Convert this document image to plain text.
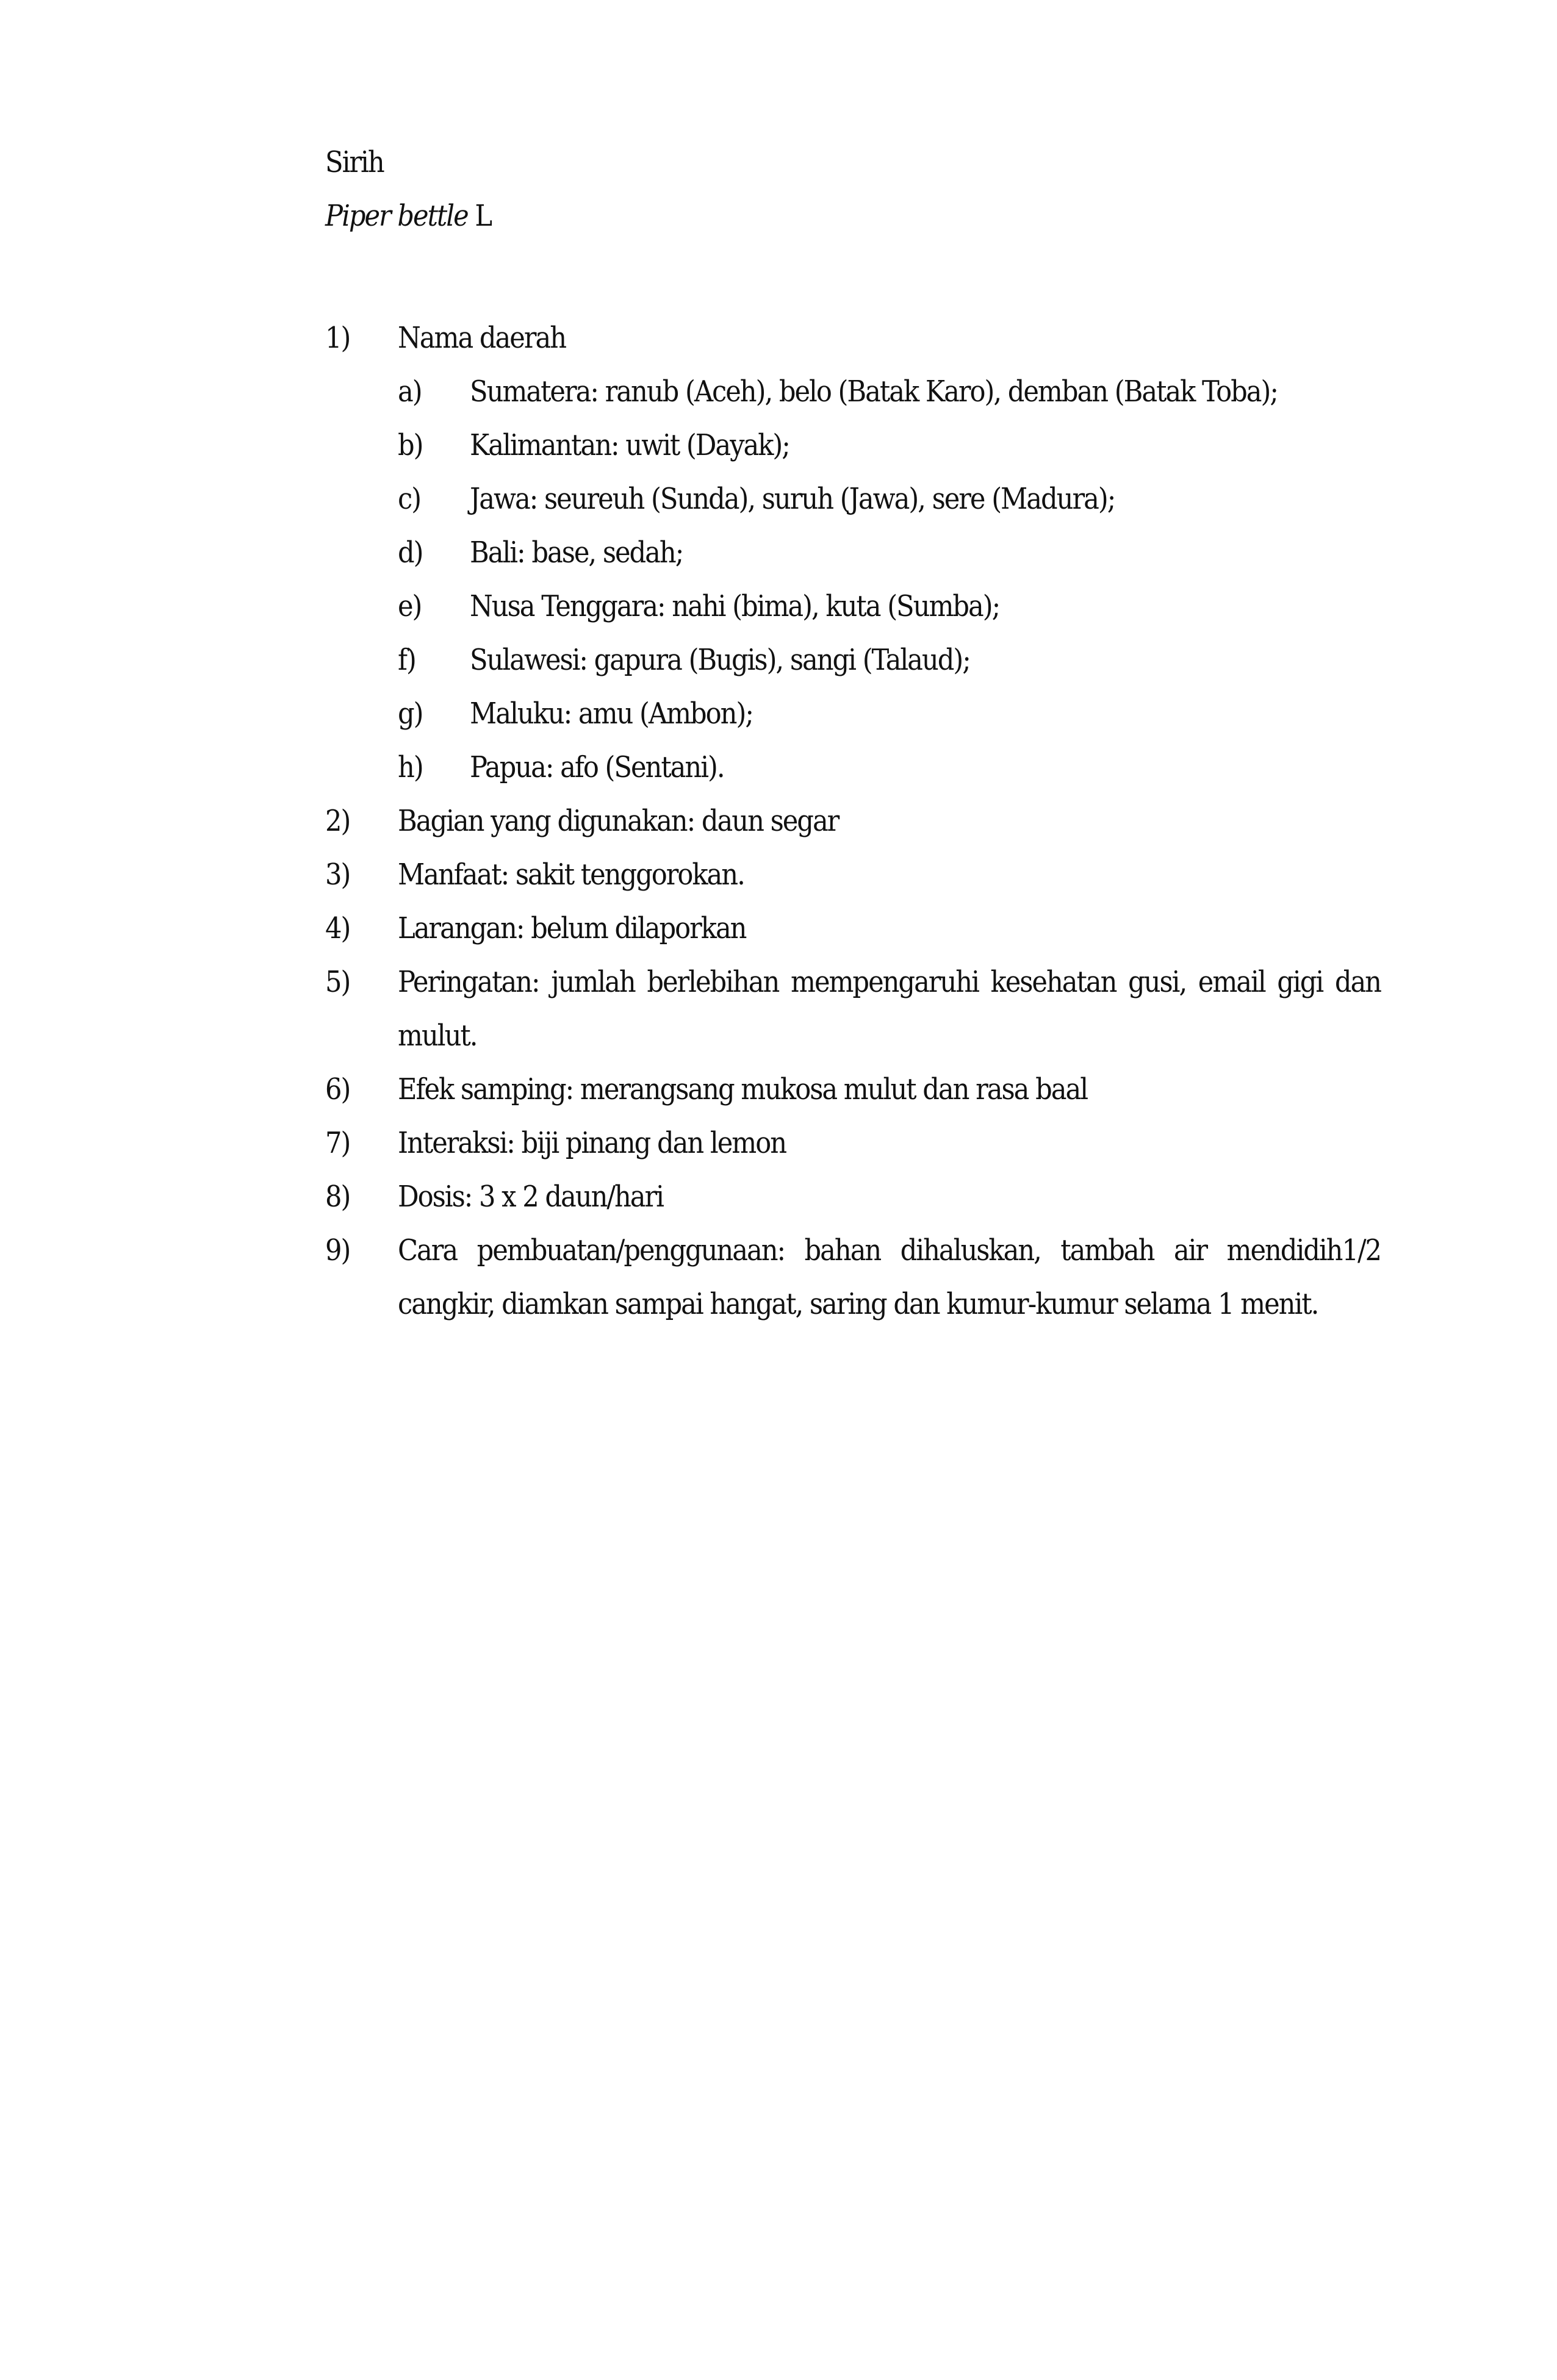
Sirih

Piper bettle L

1)	Nama daerah
a)	Sumatera: ranub (Aceh), belo (Batak Karo), demban (Batak Toba);
b)	Kalimantan: uwit (Dayak);
c)	Jawa: seureuh (Sunda), suruh (Jawa), sere (Madura);
d)	Bali: base, sedah;
e)	Nusa Tenggara: nahi (bima), kuta (Sumba);
f)	Sulawesi: gapura (Bugis), sangi (Talaud);
g)	Maluku: amu (Ambon);
h)	Papua: afo (Sentani).
2)	Bagian yang digunakan: daun segar
3)	Manfaat: sakit tenggorokan.
4)	Larangan: belum dilaporkan
5)	Peringatan: jumlah berlebihan mempengaruhi kesehatan gusi, email gigi dan mulut.
6)	Efek samping: merangsang mukosa mulut dan rasa baal
7)	Interaksi: biji pinang dan lemon
8)	Dosis: 3 x 2 daun/hari
9)	Cara pembuatan/penggunaan: bahan dihaluskan, tambah air mendidih1/2 cangkir, diamkan sampai hangat, saring dan kumur-kumur selama 1 menit.
